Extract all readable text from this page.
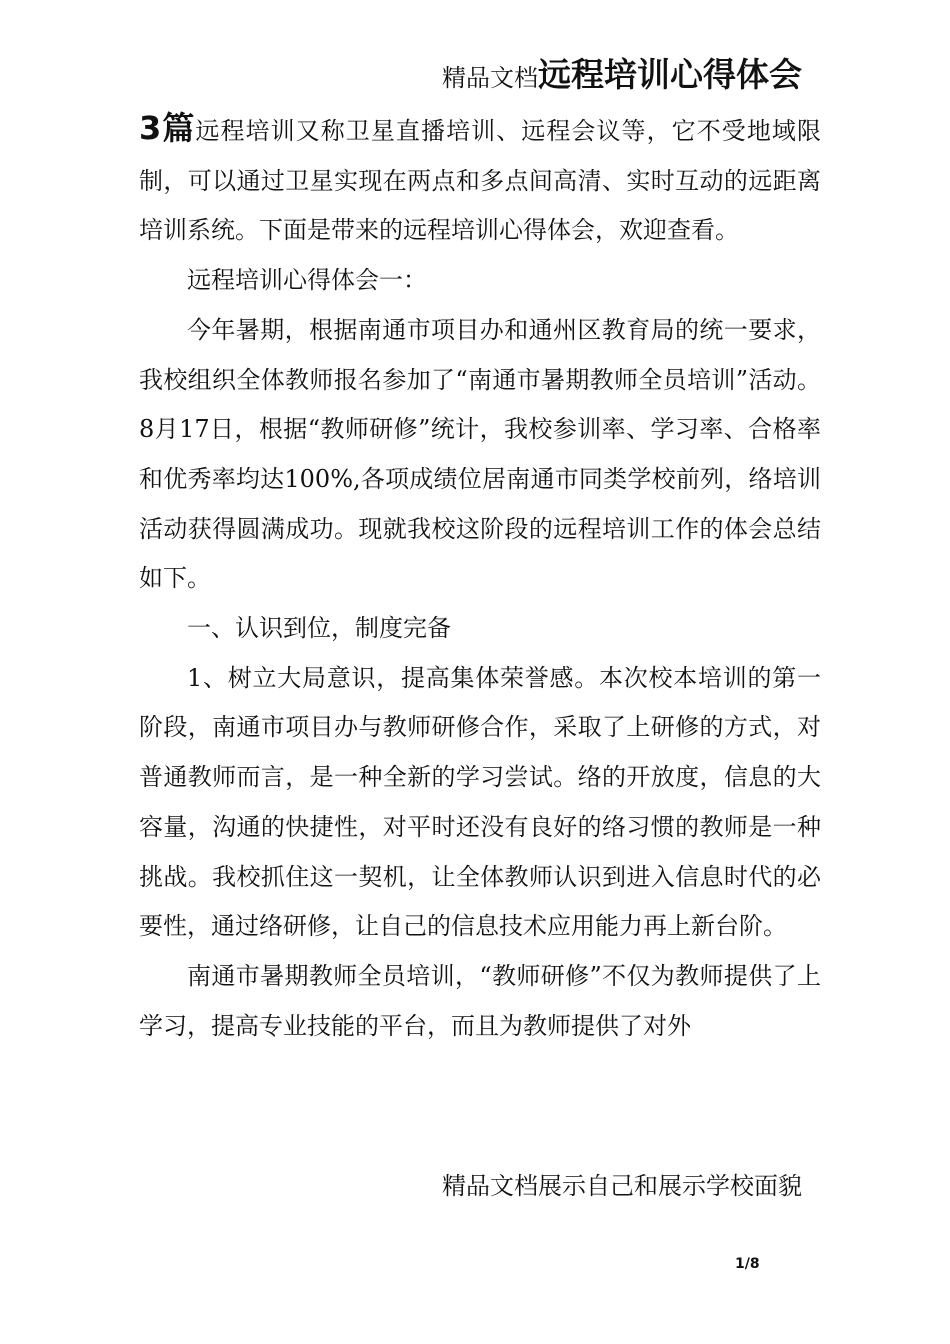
精品文档远程培训心得体会

3篇远程培训又称卫星直播培训、远程会议等，它不受地域限制，可以通过卫星实现在两点和多点间高清、实时互动的远距离培训系统。下面是带来的远程培训心得体会，欢迎查看。

远程培训心得体会一：

今年暑期，根据南通市项目办和通州区教育局的统一要求，我校组织全体教师报名参加了“南通市暑期教师全员培训”活动。8月17日，根据“教师研修”统计，我校参训率、学习率、合格率和优秀率均达100%,各项成绩位居南通市同类学校前列，络培训活动获得圆满成功。现就我校这阶段的远程培训工作的体会总结如下。

一、认识到位，制度完备

1、树立大局意识，提高集体荣誉感。本次校本培训的第一阶段，南通市项目办与教师研修合作，采取了上研修的方式，对普通教师而言，是一种全新的学习尝试。络的开放度，信息的大容量，沟通的快捷性，对平时还没有良好的络习惯的教师是一种挑战。我校抓住这一契机，让全体教师认识到进入信息时代的必要性，通过络研修，让自己的信息技术应用能力再上新台阶。

南通市暑期教师全员培训，“教师研修”不仅为教师提供了上学习，提高专业技能的平台，而且为教师提供了对外

精品文档展示自己和展示学校面貌
1/8
